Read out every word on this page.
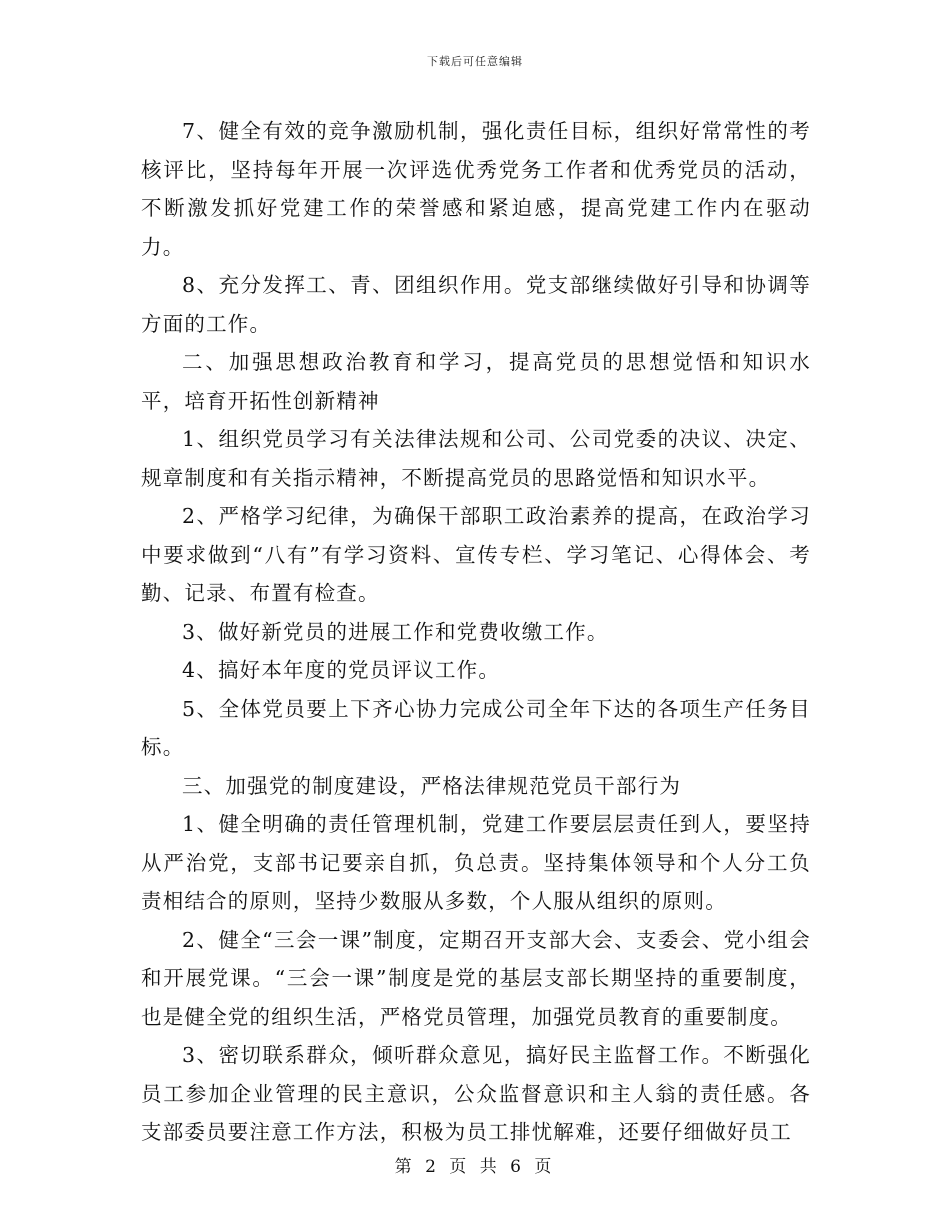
下载后可任意编辑

7、健全有效的竞争激励机制，强化责任目标，组织好常常性的考核评比，坚持每年开展一次评选优秀党务工作者和优秀党员的活动，不断激发抓好党建工作的荣誉感和紧迫感，提高党建工作内在驱动力。

8、充分发挥工、青、团组织作用。党支部继续做好引导和协调等方面的工作。

二、加强思想政治教育和学习，提高党员的思想觉悟和知识水平，培育开拓性创新精神

1、组织党员学习有关法律法规和公司、公司党委的决议、决定、规章制度和有关指示精神，不断提高党员的思路觉悟和知识水平。

2、严格学习纪律，为确保干部职工政治素养的提高，在政治学习中要求做到“八有”有学习资料、宣传专栏、学习笔记、心得体会、考勤、记录、布置有检查。

3、做好新党员的进展工作和党费收缴工作。

4、搞好本年度的党员评议工作。

5、全体党员要上下齐心协力完成公司全年下达的各项生产任务目标。

三、加强党的制度建设，严格法律规范党员干部行为

1、健全明确的责任管理机制，党建工作要层层责任到人，要坚持从严治党，支部书记要亲自抓，负总责。坚持集体领导和个人分工负责相结合的原则，坚持少数服从多数，个人服从组织的原则。

2、健全“三会一课”制度，定期召开支部大会、支委会、党小组会和开展党课。“三会一课”制度是党的基层支部长期坚持的重要制度，也是健全党的组织生活，严格党员管理，加强党员教育的重要制度。

3、密切联系群众，倾听群众意见，搞好民主监督工作。不断强化员工参加企业管理的民主意识，公众监督意识和主人翁的责任感。各支部委员要注意工作方法，积极为员工排忧解难，还要仔细做好员工

第 2 页 共 6 页
